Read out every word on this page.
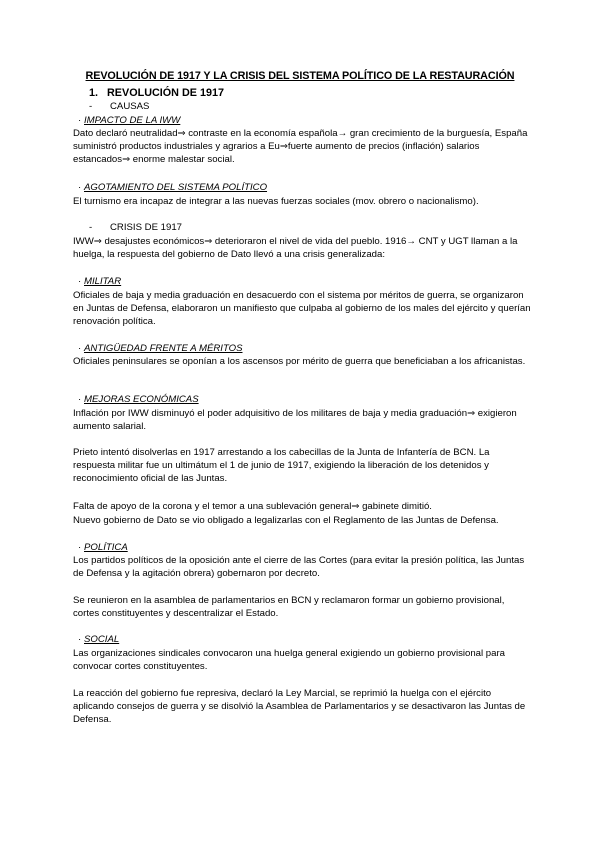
REVOLUCIÓN DE 1917 Y LA CRISIS DEL SISTEMA POLÍTICO DE LA RESTAURACIÓN
1. REVOLUCIÓN DE 1917

- CAUSAS

· IMPACTO DE LA IWW

Dato declaró neutralidad⇒ contraste en la economía española→ gran crecimiento de la burguesía, España suministró productos industriales y agrarios a Eu⇒fuerte aumento de precios (inflación) salarios estancados⇒ enorme malestar social.

· AGOTAMIENTO DEL SISTEMA POLÍTICO

El turnismo era incapaz de integrar a las nuevas fuerzas sociales (mov. obrero o nacionalismo).

- CRISIS DE 1917

IWW⇒ desajustes económicos⇒ deterioraron el nivel de vida del pueblo. 1916→ CNT y UGT llaman a la huelga, la respuesta del gobierno de Dato llevó a una crisis generalizada:

· MILITAR

Oficiales de baja y media graduación en desacuerdo con el sistema por méritos de guerra, se organizaron en Juntas de Defensa, elaboraron un manifiesto que culpaba al gobierno de los males del ejército y querían renovación política.

· ANTIGÜEDAD FRENTE A MÉRITOS

Oficiales peninsulares se oponían a los ascensos por mérito de guerra que beneficiaban a los africanistas.

· MEJORAS ECONÓMICAS

Inflación por IWW disminuyó el poder adquisitivo de los militares de baja y media graduación⇒ exigieron aumento salarial.

Prieto intentó disolverlas en 1917 arrestando a los cabecillas de la Junta de Infantería de BCN. La respuesta militar fue un ultimátum el 1 de junio de 1917, exigiendo la liberación de los detenidos y reconocimiento oficial de las Juntas.

Falta de apoyo de la corona y el temor a una sublevación general⇒ gabinete dimitió.

Nuevo gobierno de Dato se vio obligado a legalizarlas con el Reglamento de las Juntas de Defensa.

· POLÍTICA

Los partidos políticos de la oposición ante el cierre de las Cortes (para evitar la presión política, las Juntas de Defensa y la agitación obrera) gobernaron por decreto.

Se reunieron en la asamblea de parlamentarios en BCN y reclamaron formar un gobierno provisional, cortes constituyentes y descentralizar el Estado.

· SOCIAL

Las organizaciones sindicales convocaron una huelga general exigiendo un gobierno provisional para convocar cortes constituyentes.

La reacción del gobierno fue represiva, declaró la Ley Marcial, se reprimió la huelga con el ejército aplicando consejos de guerra y se disolvió la Asamblea de Parlamentarios y se desactivaron las Juntas de Defensa.
